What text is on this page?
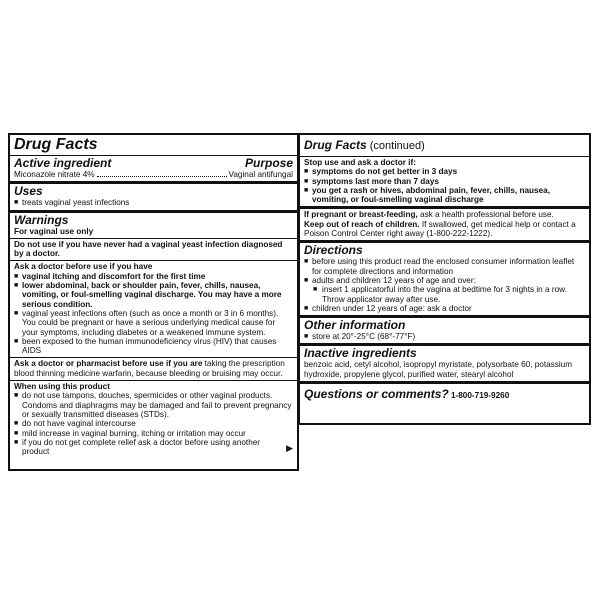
Drug Facts
Active ingredient	Purpose
Miconazole nitrate 4%	Vaginal antifungal
Uses
■ treats vaginal yeast infections
Warnings
For vaginal use only
Do not use if you have never had a vaginal yeast infection diagnosed by a doctor.
Ask a doctor before use if you have
■ vaginal itching and discomfort for the first time
■ lower abdominal, back or shoulder pain, fever, chills, nausea, vomiting, or foul-smelling vaginal discharge. You may have a more serious condition.
■ vaginal yeast infections often (such as once a month or 3 in 6 months). You could be pregnant or have a serious underlying medical cause for your symptoms, including diabetes or a weakened immune system.
■ been exposed to the human immunodeficiency virus (HIV) that causes AIDS
Ask a doctor or pharmacist before use if you are taking the prescription blood thinning medicine warfarin, because bleeding or bruising may occur.
When using this product
■ do not use tampons, douches, spermicides or other vaginal products. Condoms and diaphragms may be damaged and fail to prevent pregnancy or sexually transmitted diseases (STDs).
■ do not have vaginal intercourse
■ mild increase in vaginal burning, itching or irritation may occur
■ if you do not get complete relief ask a doctor before using another product	▶
Drug Facts (continued)
Stop use and ask a doctor if:
■ symptoms do not get better in 3 days
■ symptoms last more than 7 days
■ you get a rash or hives, abdominal pain, fever, chills, nausea, vomiting, or foul-smelling vaginal discharge
If pregnant or breast-feeding, ask a health professional before use.
Keep out of reach of children. If swallowed, get medical help or contact a Poison Control Center right away (1-800-222-1222).
Directions
■ before using this product read the enclosed consumer information leaflet for complete directions and information
■ adults and children 12 years of age and over:
■ insert 1 applicatorful into the vagina at bedtime for 3 nights in a row. Throw applicator away after use.
■ children under 12 years of age: ask a doctor
Other information
■ store at 20°-25°C (68°-77°F)
Inactive ingredients
benzoic acid, cetyl alcohol, isopropyl myristate, polysorbate 60, potassium hydroxide, propylene glycol, purified water, stearyl alcohol
Questions or comments? 1-800-719-9260
